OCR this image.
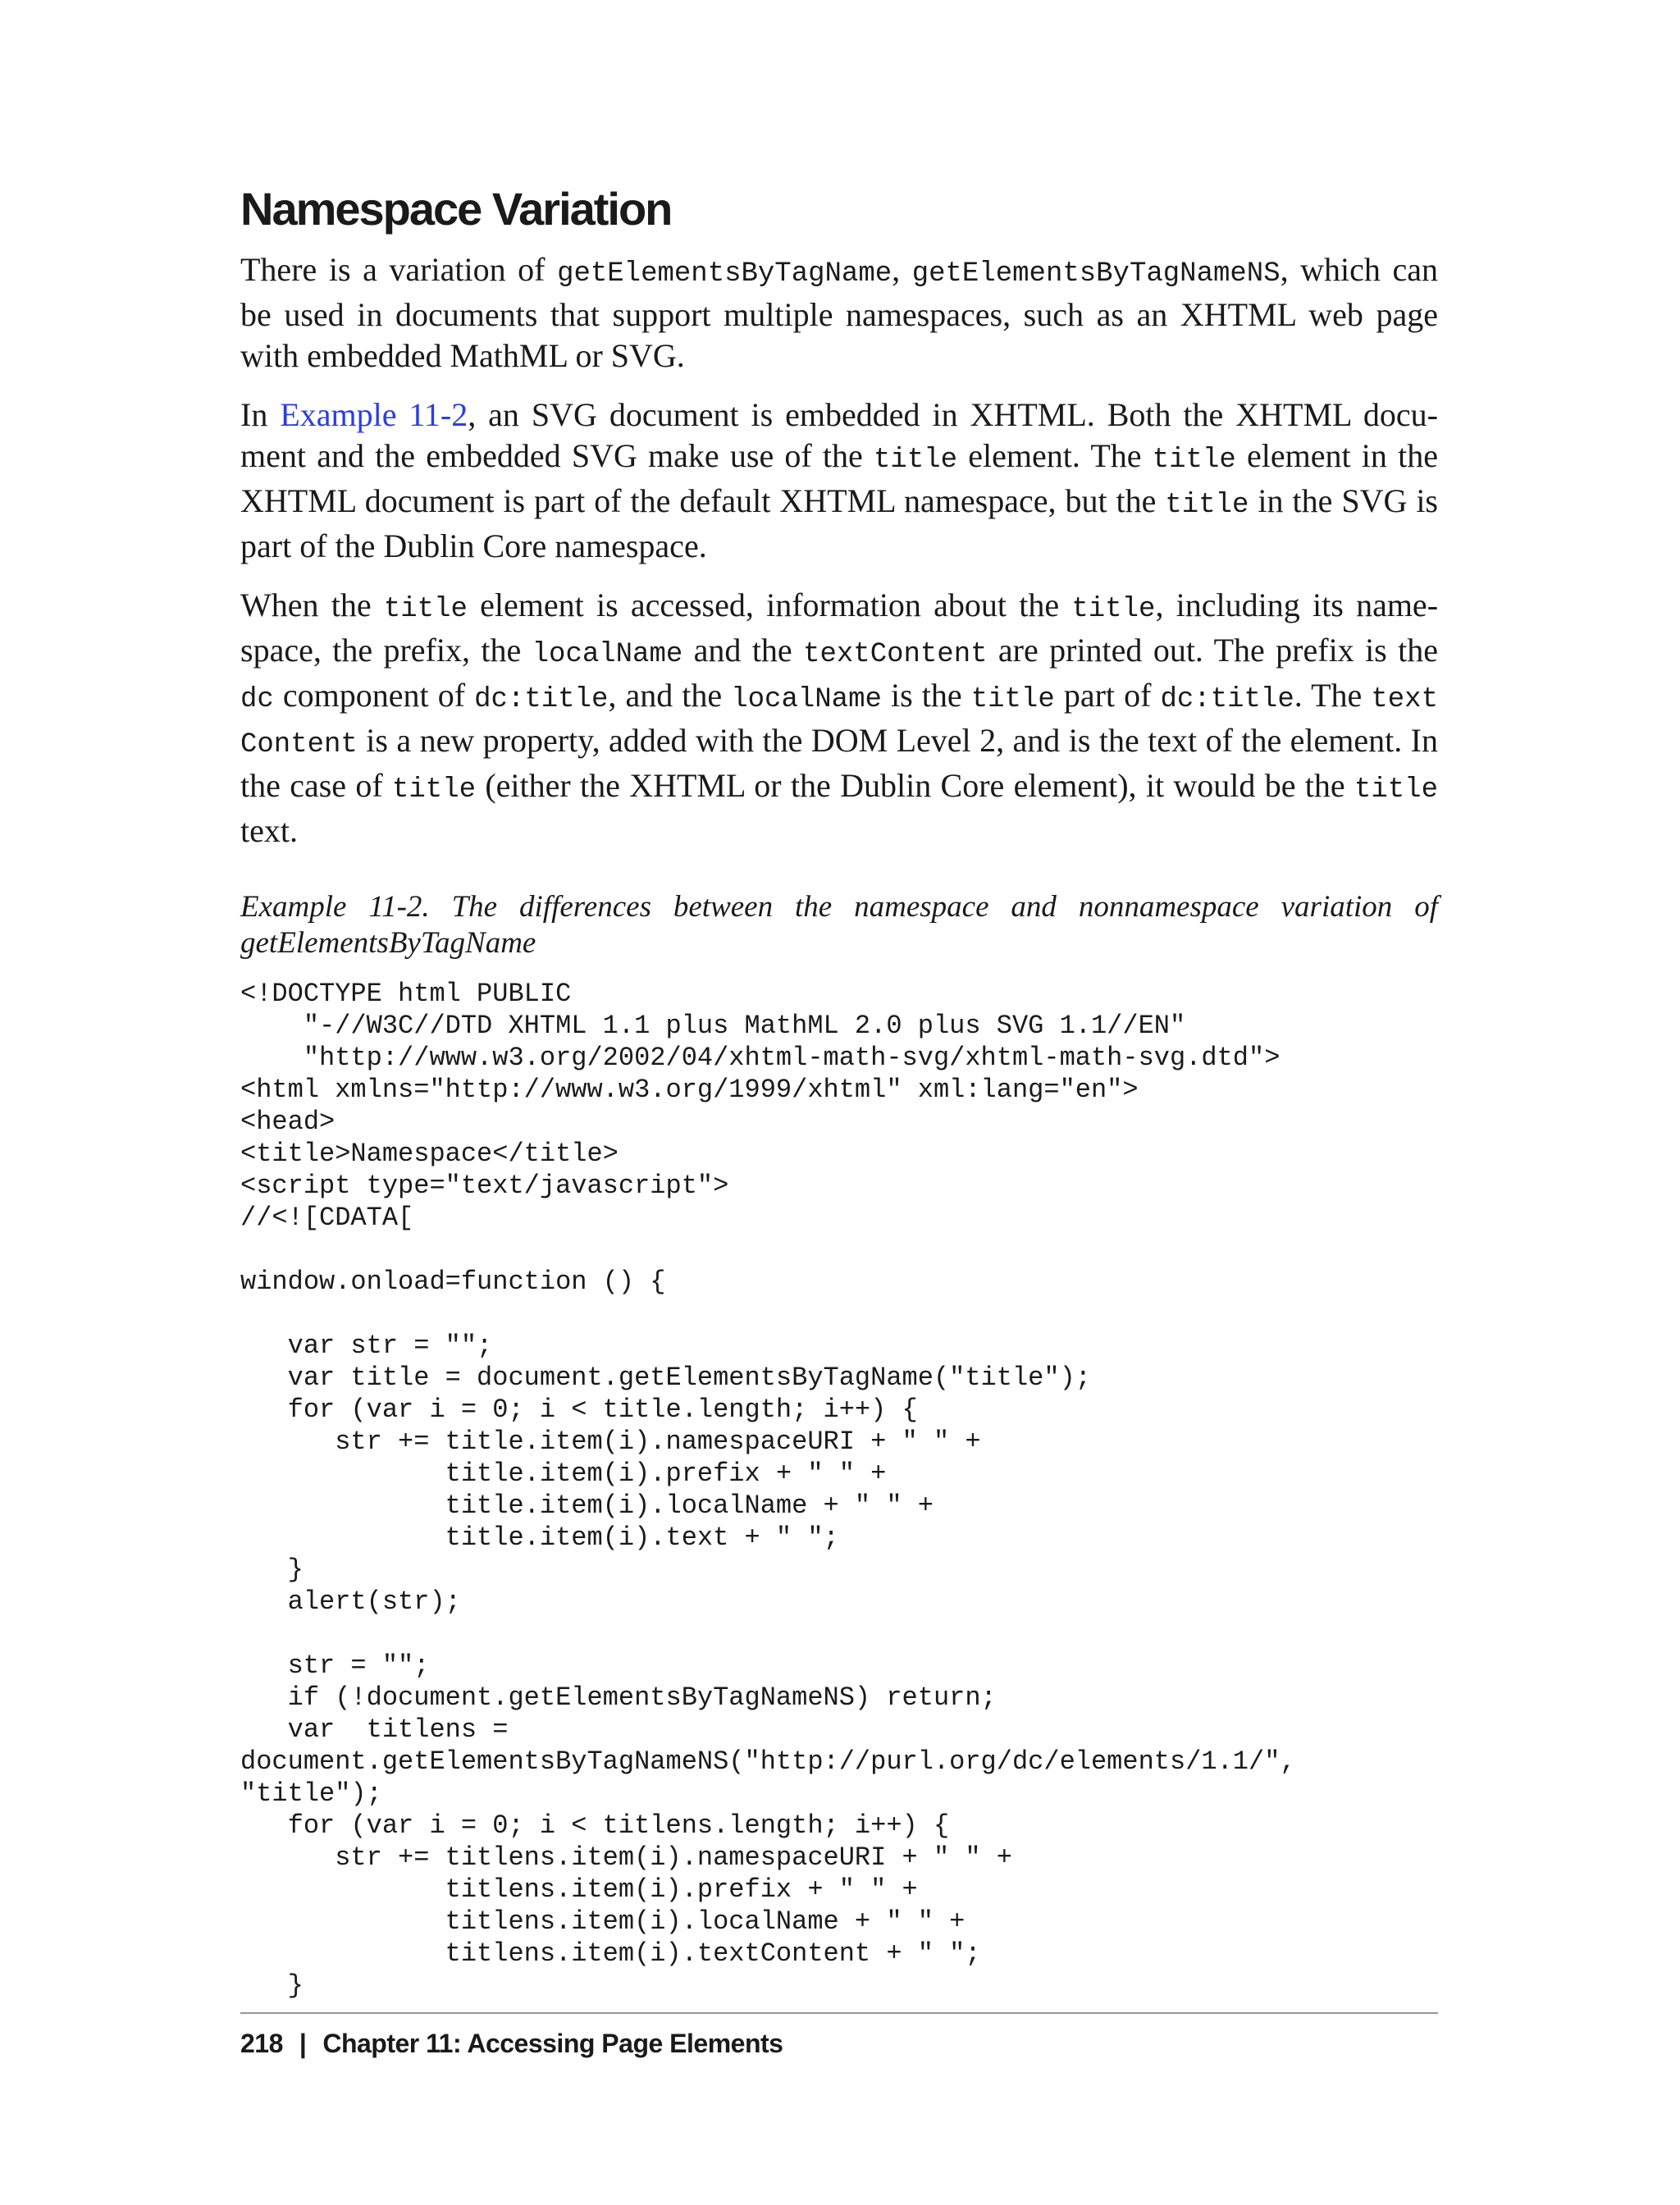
Namespace Variation

There is a variation of getElementsByTagName, getElementsByTagNameNS, which can be used in documents that support multiple namespaces, such as an XHTML web page with embedded MathML or SVG.

In Example 11-2, an SVG document is embedded in XHTML. Both the XHTML docu-ment and the embedded SVG make use of the title element. The title element in the XHTML document is part of the default XHTML namespace, but the title in the SVG is part of the Dublin Core namespace.

When the title element is accessed, information about the title, including its name-space, the prefix, the localName and the textContent are printed out. The prefix is the dc component of dc:title, and the localName is the title part of dc:title. The text Content is a new property, added with the DOM Level 2, and is the text of the element. In the case of title (either the XHTML or the Dublin Core element), it would be the title text.

Example 11-2. The differences between the namespace and nonnamespace variation of getElementsByTagName
<!DOCTYPE html PUBLIC
"-//W3C//DTD XHTML 1.1 plus MathML 2.0 plus SVG 1.1//EN"
"http://www.w3.org/2002/04/xhtml-math-svg/xhtml-math-svg.dtd">
<html xmlns="http://www.w3.org/1999/xhtml" xml:lang="en">
<head>
<title>Namespace</title>
<script type="text/javascript">
//<![CDATA[

window.onload=function () {

var str = "";
var title = document.getElementsByTagName("title");
for (var i = 0; i < title.length; i++) {
str += title.item(i).namespaceURI + " " +
title.item(i).prefix + " " +
title.item(i).localName + " " +
title.item(i).text + " ";
}
alert(str);

str = "";
if (!document.getElementsByTagNameNS) return;
var  titlens =
document.getElementsByTagNameNS("http://purl.org/dc/elements/1.1/",
"title");
for (var i = 0; i < titlens.length; i++) {
str += titlens.item(i).namespaceURI + " " +
titlens.item(i).prefix + " " +
titlens.item(i).localName + " " +
titlens.item(i).textContent + " ";
}
218 | Chapter 11: Accessing Page Elements
